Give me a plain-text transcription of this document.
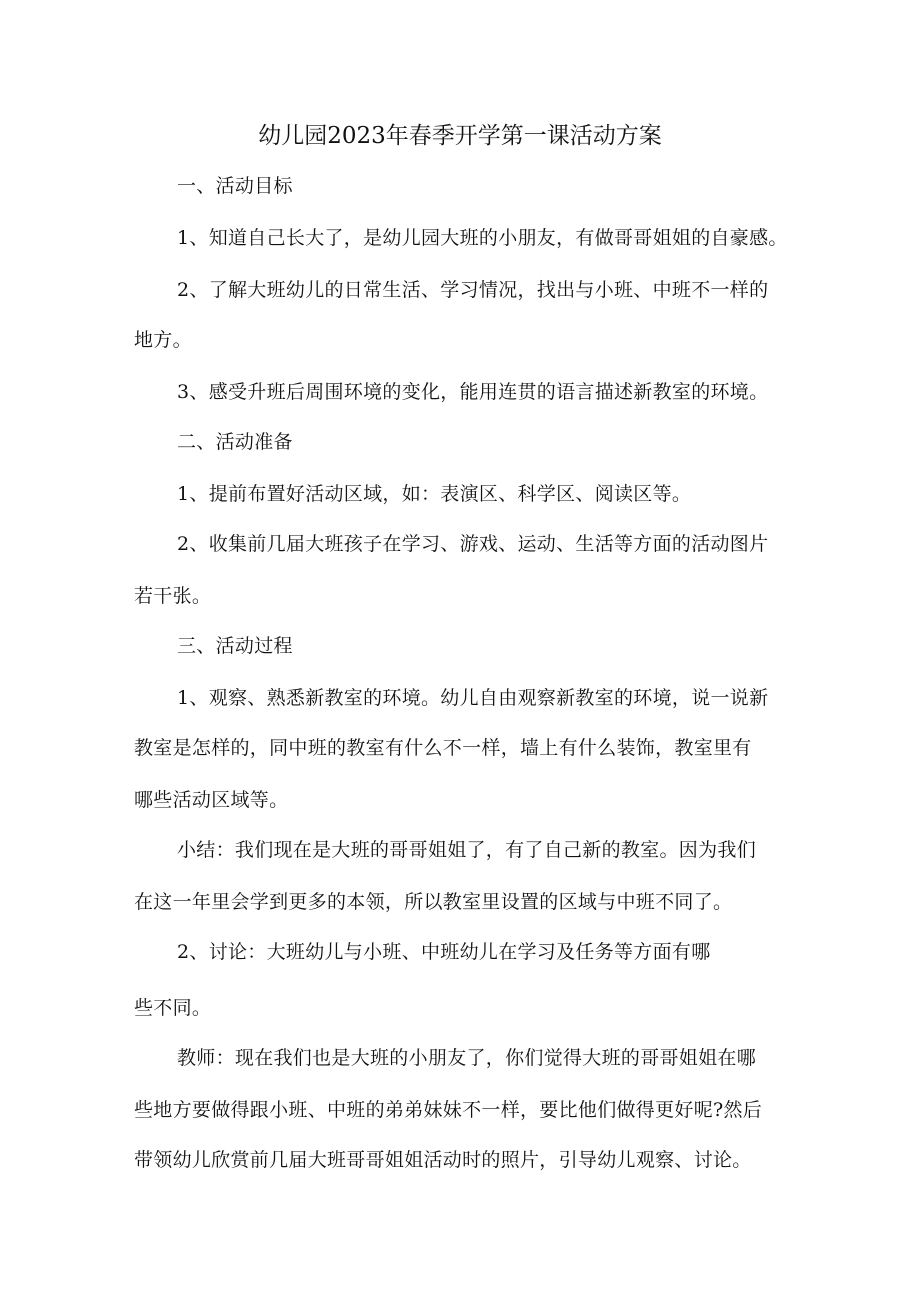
幼儿园2023年春季开学第一课活动方案
一、活动目标
1、知道自己长大了，是幼儿园大班的小朋友，有做哥哥姐姐的自豪感。
2、了解大班幼儿的日常生活、学习情况，找出与小班、中班不一样的
地方。
3、感受升班后周围环境的变化，能用连贯的语言描述新教室的环境。
二、活动准备
1、提前布置好活动区域，如：表演区、科学区、阅读区等。
2、收集前几届大班孩子在学习、游戏、运动、生活等方面的活动图片
若干张。
三、活动过程
1、观察、熟悉新教室的环境。幼儿自由观察新教室的环境，说一说新
教室是怎样的，同中班的教室有什么不一样，墙上有什么装饰，教室里有
哪些活动区域等。
小结：我们现在是大班的哥哥姐姐了，有了自己新的教室。因为我们
在这一年里会学到更多的本领，所以教室里设置的区域与中班不同了。
2、讨论：大班幼儿与小班、中班幼儿在学习及任务等方面有哪
些不同。
教师：现在我们也是大班的小朋友了，你们觉得大班的哥哥姐姐在哪
些地方要做得跟小班、中班的弟弟妹妹不一样，要比他们做得更好呢?然后
带领幼儿欣赏前几届大班哥哥姐姐活动时的照片，引导幼儿观察、讨论。
